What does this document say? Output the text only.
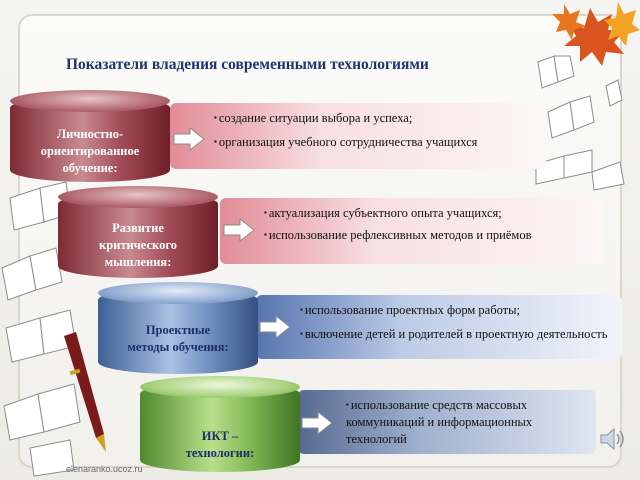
Показатели владения современными технологиями
▪ создание ситуации выбора и успеха;
▪ организация учебного сотрудничества учащихся
Личностно-
ориентированное
обучение:
▪ актуализация субъектного опыта учащихся;
▪ использование рефлексивных методов и приёмов
Развитие
критического
мышления:
▪ использование проектных форм работы;
▪ включение детей и родителей в проектную деятельность
Проектные
методы обучения:
▪ использование средств массовых коммуникаций и информационных технологий
ИКТ –
технологии:
elenaranko.ucoz.ru
